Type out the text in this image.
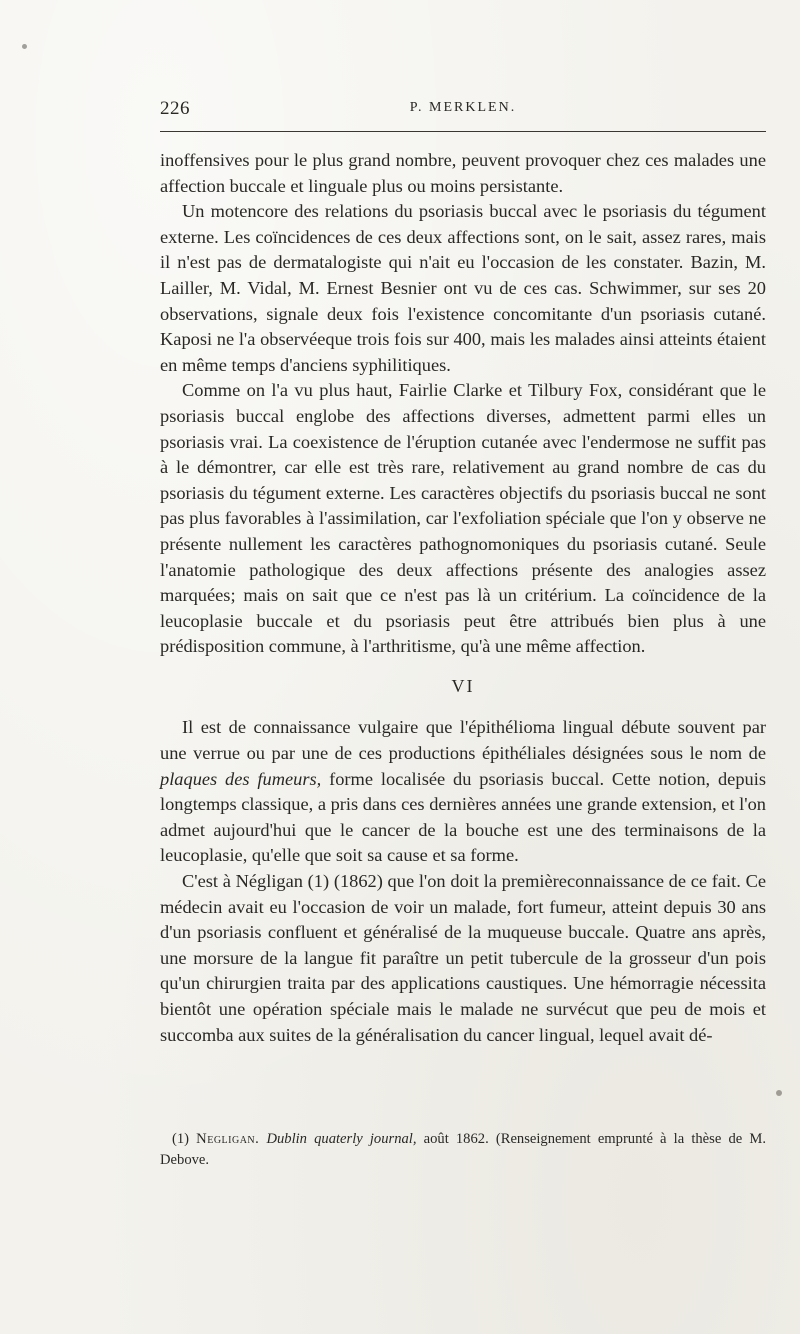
226	P. MERKLEN.

inoffensives pour le plus grand nombre, peuvent provoquer chez ces malades une affection buccale et linguale plus ou moins persistante.

Un motencore des relations du psoriasis buccal avec le psoriasis du tégument externe. Les coïncidences de ces deux affections sont, on le sait, assez rares, mais il n'est pas de dermatalogiste qui n'ait eu l'occasion de les constater. Bazin, M. Lailler, M. Vidal, M. Ernest Besnier ont vu de ces cas. Schwimmer, sur ses 20 observations, signale deux fois l'existence concomitante d'un psoriasis cutané. Kaposi ne l'a observéeque trois fois sur 400, mais les malades ainsi atteints étaient en même temps d'anciens syphilitiques.

Comme on l'a vu plus haut, Fairlie Clarke et Tilbury Fox, considérant que le psoriasis buccal englobe des affections diverses, admettent parmi elles un psoriasis vrai. La coexistence de l'éruption cutanée avec l'endermose ne suffit pas à le démontrer, car elle est très rare, relativement au grand nombre de cas du psoriasis du tégument externe. Les caractères objectifs du psoriasis buccal ne sont pas plus favorables à l'assimilation, car l'exfoliation spéciale que l'on y observe ne présente nullement les caractères pathognomoniques du psoriasis cutané. Seule l'anatomie pathologique des deux affections présente des analogies assez marquées; mais on sait que ce n'est pas là un critérium. La coïncidence de la leucoplasie buccale et du psoriasis peut être attribués bien plus à une prédisposition commune, à l'arthritisme, qu'à une même affection.

VI

Il est de connaissance vulgaire que l'épithélioma lingual débute souvent par une verrue ou par une de ces productions épithéliales désignées sous le nom de plaques des fumeurs, forme localisée du psoriasis buccal. Cette notion, depuis longtemps classique, a pris dans ces dernières années une grande extension, et l'on admet aujourd'hui que le cancer de la bouche est une des terminaisons de la leucoplasie, qu'elle que soit sa cause et sa forme.

C'est à Négligan (1) (1862) que l'on doit la premièreconnaissance de ce fait. Ce médecin avait eu l'occasion de voir un malade, fort fumeur, atteint depuis 30 ans d'un psoriasis confluent et généralisé de la muqueuse buccale. Quatre ans après, une morsure de la langue fit paraître un petit tubercule de la grosseur d'un pois qu'un chirurgien traita par des applications caustiques. Une hémorragie nécessita bientôt une opération spéciale mais le malade ne survécut que peu de mois et succomba aux suites de la généralisation du cancer lingual, lequel avait dé-

(1) Negligan. Dublin quaterly journal, août 1862. (Renseignement emprunté à la thèse de M. Debove.
